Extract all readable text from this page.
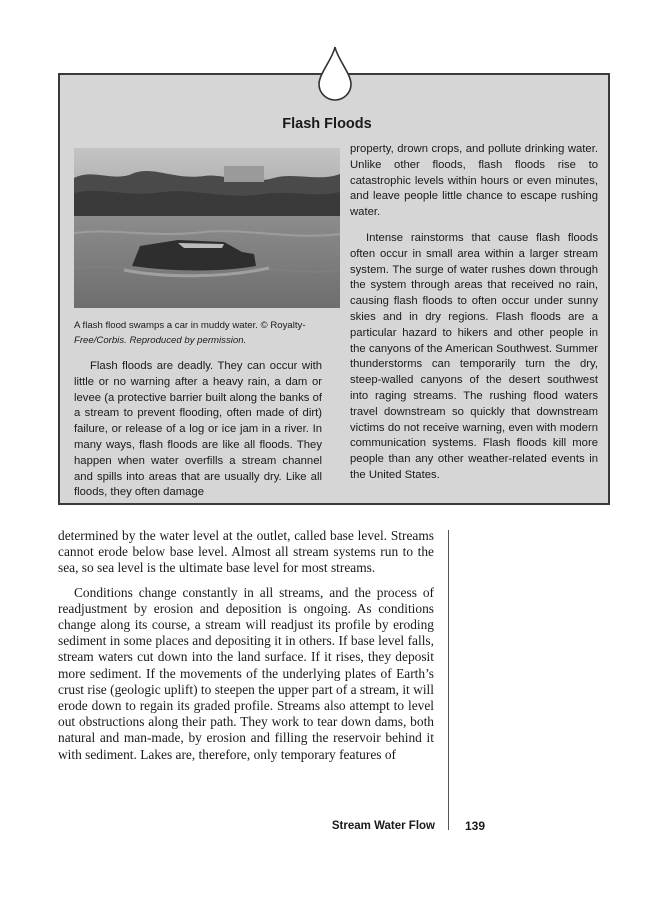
Flash Floods
A flash flood swamps a car in muddy water. © Royalty- Free/Corbis. Reproduced by permission.

Flash floods are deadly. They can occur with little or no warning after a heavy rain, a dam or levee (a protective barrier built along the banks of a stream to prevent flooding, often made of dirt) failure, or release of a log or ice jam in a river. In many ways, flash floods are like all floods. They happen when water overfills a stream channel and spills into areas that are usually dry. Like all floods, they often damage

property, drown crops, and pollute drinking water. Unlike other floods, flash floods rise to catastrophic levels within hours or even minutes, and leave people little chance to escape rushing water.

Intense rainstorms that cause flash floods often occur in small area within a larger stream system. The surge of water rushes down through the system through areas that received no rain, causing flash floods to often occur under sunny skies and in dry regions. Flash floods are a particular hazard to hikers and other people in the canyons of the American Southwest. Summer thunderstorms can temporarily turn the dry, steep-walled canyons of the desert southwest into raging streams. The rushing flood waters travel downstream so quickly that downstream victims do not receive warning, even with modern communication systems. Flash floods kill more people than any other weather-related events in the United States.

determined by the water level at the outlet, called base level. Streams cannot erode below base level. Almost all stream systems run to the sea, so sea level is the ultimate base level for most streams.

Conditions change constantly in all streams, and the process of readjustment by erosion and deposition is ongoing. As conditions change along its course, a stream will readjust its profile by eroding sediment in some places and depositing it in others. If base level falls, stream waters cut down into the land surface. If it rises, they deposit more sediment. If the movements of the underlying plates of Earth’s crust rise (geologic uplift) to steepen the upper part of a stream, it will erode down to regain its graded profile. Streams also attempt to level out obstructions along their path. They work to tear down dams, both natural and man-made, by erosion and filling the reservoir behind it with sediment. Lakes are, therefore, only temporary features of

Stream Water Flow	139
